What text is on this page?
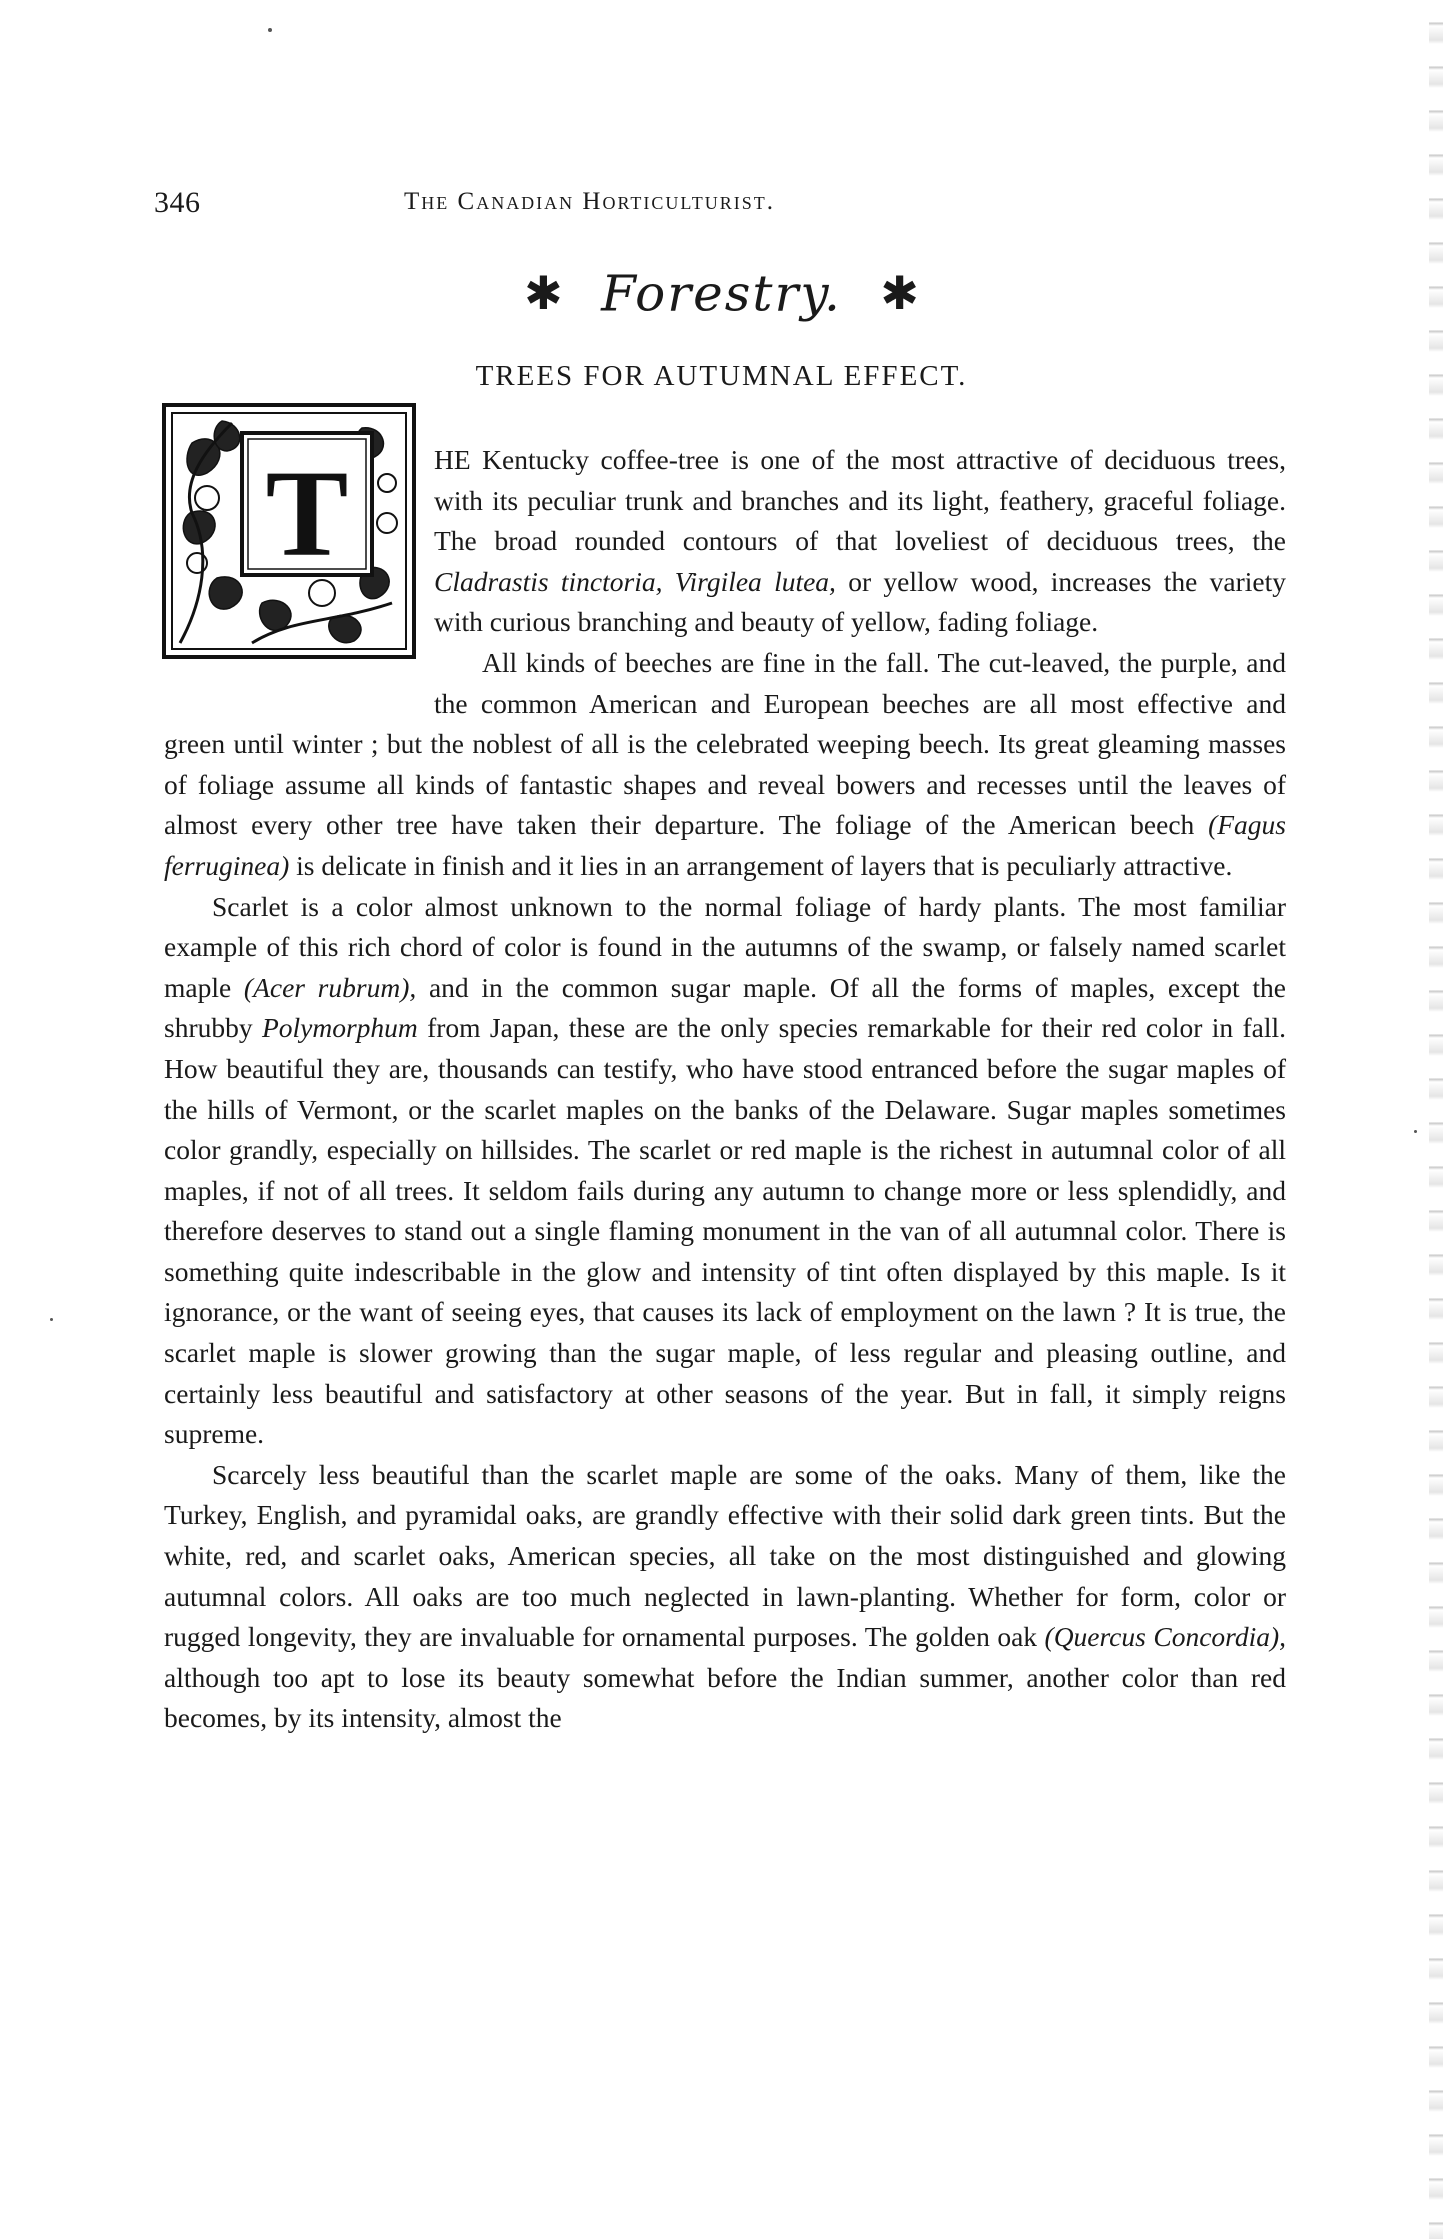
346	The Canadian Horticulturist.
✱ Forestry. ✱
TREES FOR AUTUMNAL EFFECT.
T	HE Kentucky coffee-tree is one of the most attractive of deciduous trees, with its peculiar trunk and branches and its light, feathery, graceful foliage. The broad rounded contours of that loveliest of deciduous trees, the Cladrastis tinctoria, Virgilea lutea, or yellow wood, increases the variety with curious branching and beauty of yellow, fading foliage.

All kinds of beeches are fine in the fall. The cut-leaved, the purple, and the common American and European beeches are all most effective and green until winter ; but the noblest of all is the celebrated weeping beech. Its great gleaming masses of foliage assume all kinds of fantastic shapes and reveal bowers and recesses until the leaves of almost every other tree have taken their departure. The foliage of the American beech (Fagus ferruginea) is delicate in finish and it lies in an arrangement of layers that is peculiarly attractive.

Scarlet is a color almost unknown to the normal foliage of hardy plants. The most familiar example of this rich chord of color is found in the autumns of the swamp, or falsely named scarlet maple (Acer rubrum), and in the common sugar maple. Of all the forms of maples, except the shrubby Polymorphum from Japan, these are the only species remarkable for their red color in fall. How beautiful they are, thousands can testify, who have stood entranced before the sugar maples of the hills of Vermont, or the scarlet maples on the banks of the Delaware. Sugar maples sometimes color grandly, especially on hillsides. The scarlet or red maple is the richest in autumnal color of all maples, if not of all trees. It seldom fails during any autumn to change more or less splendidly, and therefore deserves to stand out a single flaming monument in the van of all autumnal color. There is something quite indescribable in the glow and intensity of tint often displayed by this maple. Is it ignorance, or the want of seeing eyes, that causes its lack of employment on the lawn ? It is true, the scarlet maple is slower growing than the sugar maple, of less regular and pleasing outline, and certainly less beautiful and satisfactory at other seasons of the year. But in fall, it simply reigns supreme.

Scarcely less beautiful than the scarlet maple are some of the oaks. Many of them, like the Turkey, English, and pyramidal oaks, are grandly effective with their solid dark green tints. But the white, red, and scarlet oaks, American species, all take on the most distinguished and glowing autumnal colors. All oaks are too much neglected in lawn-planting. Whether for form, color or rugged longevity, they are invaluable for ornamental purposes. The golden oak (Quercus Concordia), although too apt to lose its beauty somewhat before the Indian summer, another color than red becomes, by its intensity, almost the
